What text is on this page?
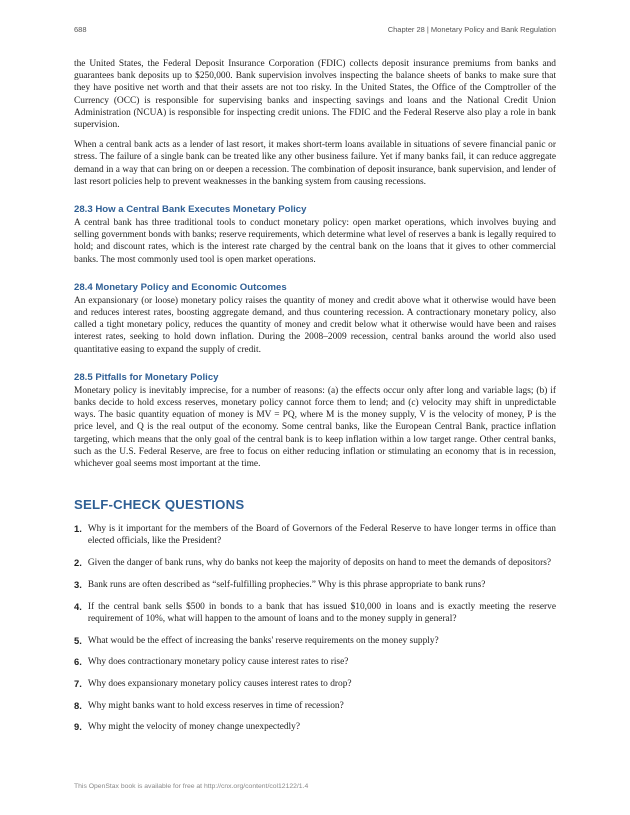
688	Chapter 28 | Monetary Policy and Bank Regulation

the United States, the Federal Deposit Insurance Corporation (FDIC) collects deposit insurance premiums from banks and guarantees bank deposits up to $250,000. Bank supervision involves inspecting the balance sheets of banks to make sure that they have positive net worth and that their assets are not too risky. In the United States, the Office of the Comptroller of the Currency (OCC) is responsible for supervising banks and inspecting savings and loans and the National Credit Union Administration (NCUA) is responsible for inspecting credit unions. The FDIC and the Federal Reserve also play a role in bank supervision.

When a central bank acts as a lender of last resort, it makes short-term loans available in situations of severe financial panic or stress. The failure of a single bank can be treated like any other business failure. Yet if many banks fail, it can reduce aggregate demand in a way that can bring on or deepen a recession. The combination of deposit insurance, bank supervision, and lender of last resort policies help to prevent weaknesses in the banking system from causing recessions.

28.3 How a Central Bank Executes Monetary Policy

A central bank has three traditional tools to conduct monetary policy: open market operations, which involves buying and selling government bonds with banks; reserve requirements, which determine what level of reserves a bank is legally required to hold; and discount rates, which is the interest rate charged by the central bank on the loans that it gives to other commercial banks. The most commonly used tool is open market operations.

28.4 Monetary Policy and Economic Outcomes

An expansionary (or loose) monetary policy raises the quantity of money and credit above what it otherwise would have been and reduces interest rates, boosting aggregate demand, and thus countering recession. A contractionary monetary policy, also called a tight monetary policy, reduces the quantity of money and credit below what it otherwise would have been and raises interest rates, seeking to hold down inflation. During the 2008–2009 recession, central banks around the world also used quantitative easing to expand the supply of credit.

28.5 Pitfalls for Monetary Policy

Monetary policy is inevitably imprecise, for a number of reasons: (a) the effects occur only after long and variable lags; (b) if banks decide to hold excess reserves, monetary policy cannot force them to lend; and (c) velocity may shift in unpredictable ways. The basic quantity equation of money is MV = PQ, where M is the money supply, V is the velocity of money, P is the price level, and Q is the real output of the economy. Some central banks, like the European Central Bank, practice inflation targeting, which means that the only goal of the central bank is to keep inflation within a low target range. Other central banks, such as the U.S. Federal Reserve, are free to focus on either reducing inflation or stimulating an economy that is in recession, whichever goal seems most important at the time.

SELF-CHECK QUESTIONS
1. Why is it important for the members of the Board of Governors of the Federal Reserve to have longer terms in office than elected officials, like the President?
2. Given the danger of bank runs, why do banks not keep the majority of deposits on hand to meet the demands of depositors?
3. Bank runs are often described as “self-fulfilling prophecies.” Why is this phrase appropriate to bank runs?
4. If the central bank sells $500 in bonds to a bank that has issued $10,000 in loans and is exactly meeting the reserve requirement of 10%, what will happen to the amount of loans and to the money supply in general?
5. What would be the effect of increasing the banks' reserve requirements on the money supply?
6. Why does contractionary monetary policy cause interest rates to rise?
7. Why does expansionary monetary policy causes interest rates to drop?
8. Why might banks want to hold excess reserves in time of recession?
9. Why might the velocity of money change unexpectedly?
This OpenStax book is available for free at http://cnx.org/content/col12122/1.4
